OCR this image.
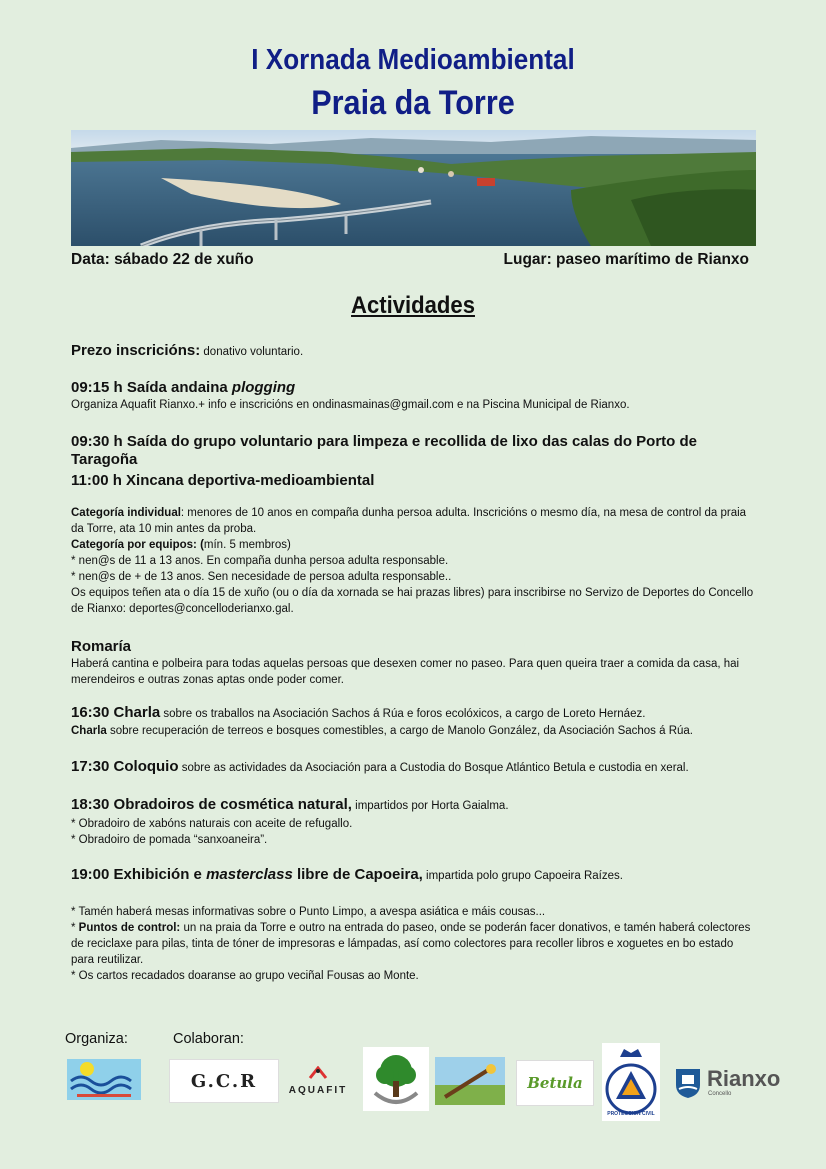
I Xornada Medioambiental
Praia da Torre

Data: sábado 22 de xuño	Lugar: paseo marítimo de Rianxo

Actividades

Prezo inscricións: donativo voluntario.

09:15 h Saída andaina plogging

Organiza Aquafit Rianxo.+ info e inscricións en ondinasmainas@gmail.com e na Piscina Municipal de Rianxo.

09:30 h Saída do grupo voluntario para limpeza e recollida de lixo das calas do Porto de Taragoña

11:00 h Xincana deportiva-medioambiental

Categoría individual: menores de 10 anos en compaña dunha persoa adulta. Inscricións o mesmo día, na mesa de control da praia da Torre, ata 10 min antes da proba.

Categoría por equipos: (mín. 5 membros)

* nen@s de 11 a 13 anos. En compaña dunha persoa adulta responsable.

* nen@s de + de 13 anos. Sen necesidade de persoa adulta responsable..

Os equipos teñen ata o día 15 de xuño (ou o día da xornada se hai prazas libres) para inscribirse no Servizo de Deportes do Concello de Rianxo: deportes@concelloderianxo.gal.

Romaría

Haberá cantina e polbeira para todas aquelas persoas que desexen comer no paseo. Para quen queira traer a comida da casa, hai merendeiros e outras zonas aptas onde poder comer.

16:30 Charla sobre os traballos na Asociación Sachos á Rúa e foros ecolóxicos, a cargo de Loreto Hernáez.

Charla sobre recuperación de terreos e bosques comestibles, a cargo de Manolo González, da Asociación Sachos á Rúa.

17:30 Coloquio sobre as actividades da Asociación para a Custodia do Bosque Atlántico Betula e custodia en xeral.

18:30 Obradoiros de cosmética natural, impartidos por Horta Gaialma.

* Obradoiro de xabóns naturais con aceite de refugallo.

* Obradoiro de pomada “sanxoaneira”.

19:00 Exhibición e masterclass libre de Capoeira, impartida polo grupo Capoeira Raízes.

* Tamén haberá mesas informativas sobre o Punto Limpo, a avespa asiática e máis cousas...

* Puntos de control: un na praia da Torre e outro na entrada do paseo, onde se poderán facer donativos, e tamén haberá colectores de reciclaxe para pilas, tinta de tóner de impresoras e lámpadas, así como colectores para recoller libros e xoguetes en bo estado para reutilizar.

* Os cartos recadados doaranse ao grupo veciñal Fousas ao Monte.

Organiza:	Colaboran:

G.C.R	AQUAFIT	Betula
PROTECCION CIVIL
Rianxo
Concello
